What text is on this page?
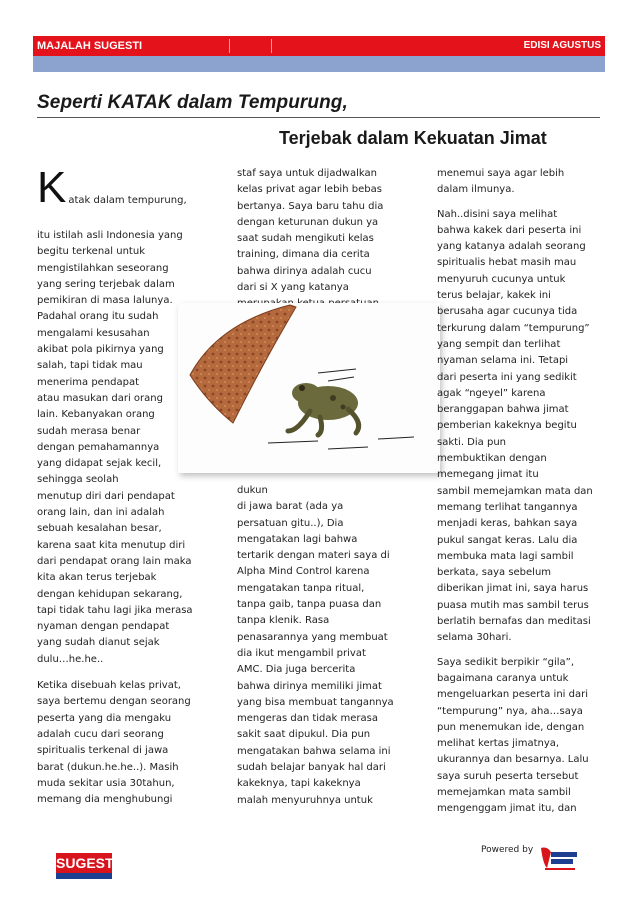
MAJALAH SUGESTI	EDISI AGUSTUS
Seperti KATAK dalam Tempurung,
Terjebak dalam Kekuatan Jimat
K atak dalam tempurung,

itu istilah asli Indonesia yang
begitu terkenal untuk
mengistilahkan seseorang
yang sering terjebak dalam
pemikiran di masa lalunya.
Padahal orang itu sudah
mengalami kesusahan
akibat pola pikirnya yang
salah, tapi tidak mau
menerima pendapat
atau masukan dari orang
lain. Kebanyakan orang
sudah merasa benar
dengan pemahamannya
yang didapat sejak kecil,
sehingga seolah
menutup diri dari pendapat
orang lain, dan ini adalah
sebuah kesalahan besar,
karena saat kita menutup diri
dari pendapat orang lain maka
kita akan terus terjebak
dengan kehidupan sekarang,
tapi tidak tahu lagi jika merasa
nyaman dengan pendapat
yang sudah dianut sejak
dulu…he.he..

Ketika disebuah kelas privat,
saya bertemu dengan seorang
peserta yang dia mengaku
adalah cucu dari seorang
spiritualis terkenal di jawa
barat (dukun.he.he..). Masih
muda sekitar usia 30tahun,
memang dia menghubungi

staf saya untuk dijadwalkan
kelas privat agar lebih bebas
bertanya. Saya baru tahu dia
dengan keturunan dukun ya
saat sudah mengikuti kelas
training, dimana dia cerita
bahwa dirinya adalah cucu
dari si X yang katanya

dukun
di jawa barat (ada ya
persatuan gitu..), Dia
mengatakan lagi bahwa
tertarik dengan materi saya di
Alpha Mind Control karena
mengatakan tanpa ritual,
tanpa gaib, tanpa puasa dan
tanpa klenik. Rasa
penasarannya yang membuat
dia ikut mengambil privat
AMC. Dia juga bercerita
bahwa dirinya memiliki jimat
yang bisa membuat tangannya
mengeras dan tidak merasa
sakit saat dipukul. Dia pun
mengatakan bahwa selama ini
sudah belajar banyak hal dari
kakeknya, tapi kakeknya
malah menyuruhnya untuk

menemui saya agar lebih
dalam ilmunya.

Nah..disini saya melihat
bahwa kakek dari peserta ini
yang katanya adalah seorang
spiritualis hebat masih mau
menyuruh cucunya untuk
terus belajar, kakek ini
berusaha agar cucunya tida
terkurung dalam “tempurung”
yang sempit dan terlihat
nyaman selama ini. Tetapi
dari peserta ini yang sedikit
agak “ngeyel” karena
beranggapan bahwa jimat
pemberian kakeknya begitu
sakti. Dia pun
membuktikan dengan
memegang jimat itu
sambil memejamkan mata dan
memang terlihat tangannya
menjadi keras, bahkan saya
pukul sangat keras. Lalu dia
membuka mata lagi sambil
berkata, saya sebelum
diberikan jimat ini, saya harus
puasa mutih mas sambil terus
berlatih bernafas dan meditasi
selama 30hari.

Saya sedikit berpikir “gila”,
bagaimana caranya untuk
mengeluarkan peserta ini dari
“tempurung” nya, aha…saya
pun menemukan ide, dengan
melihat kertas jimatnya,
ukurannya dan besarnya. Lalu
saya suruh peserta tersebut
memejamkan mata sambil
mengenggam jimat itu, dan

SUGESTI
Powered by
